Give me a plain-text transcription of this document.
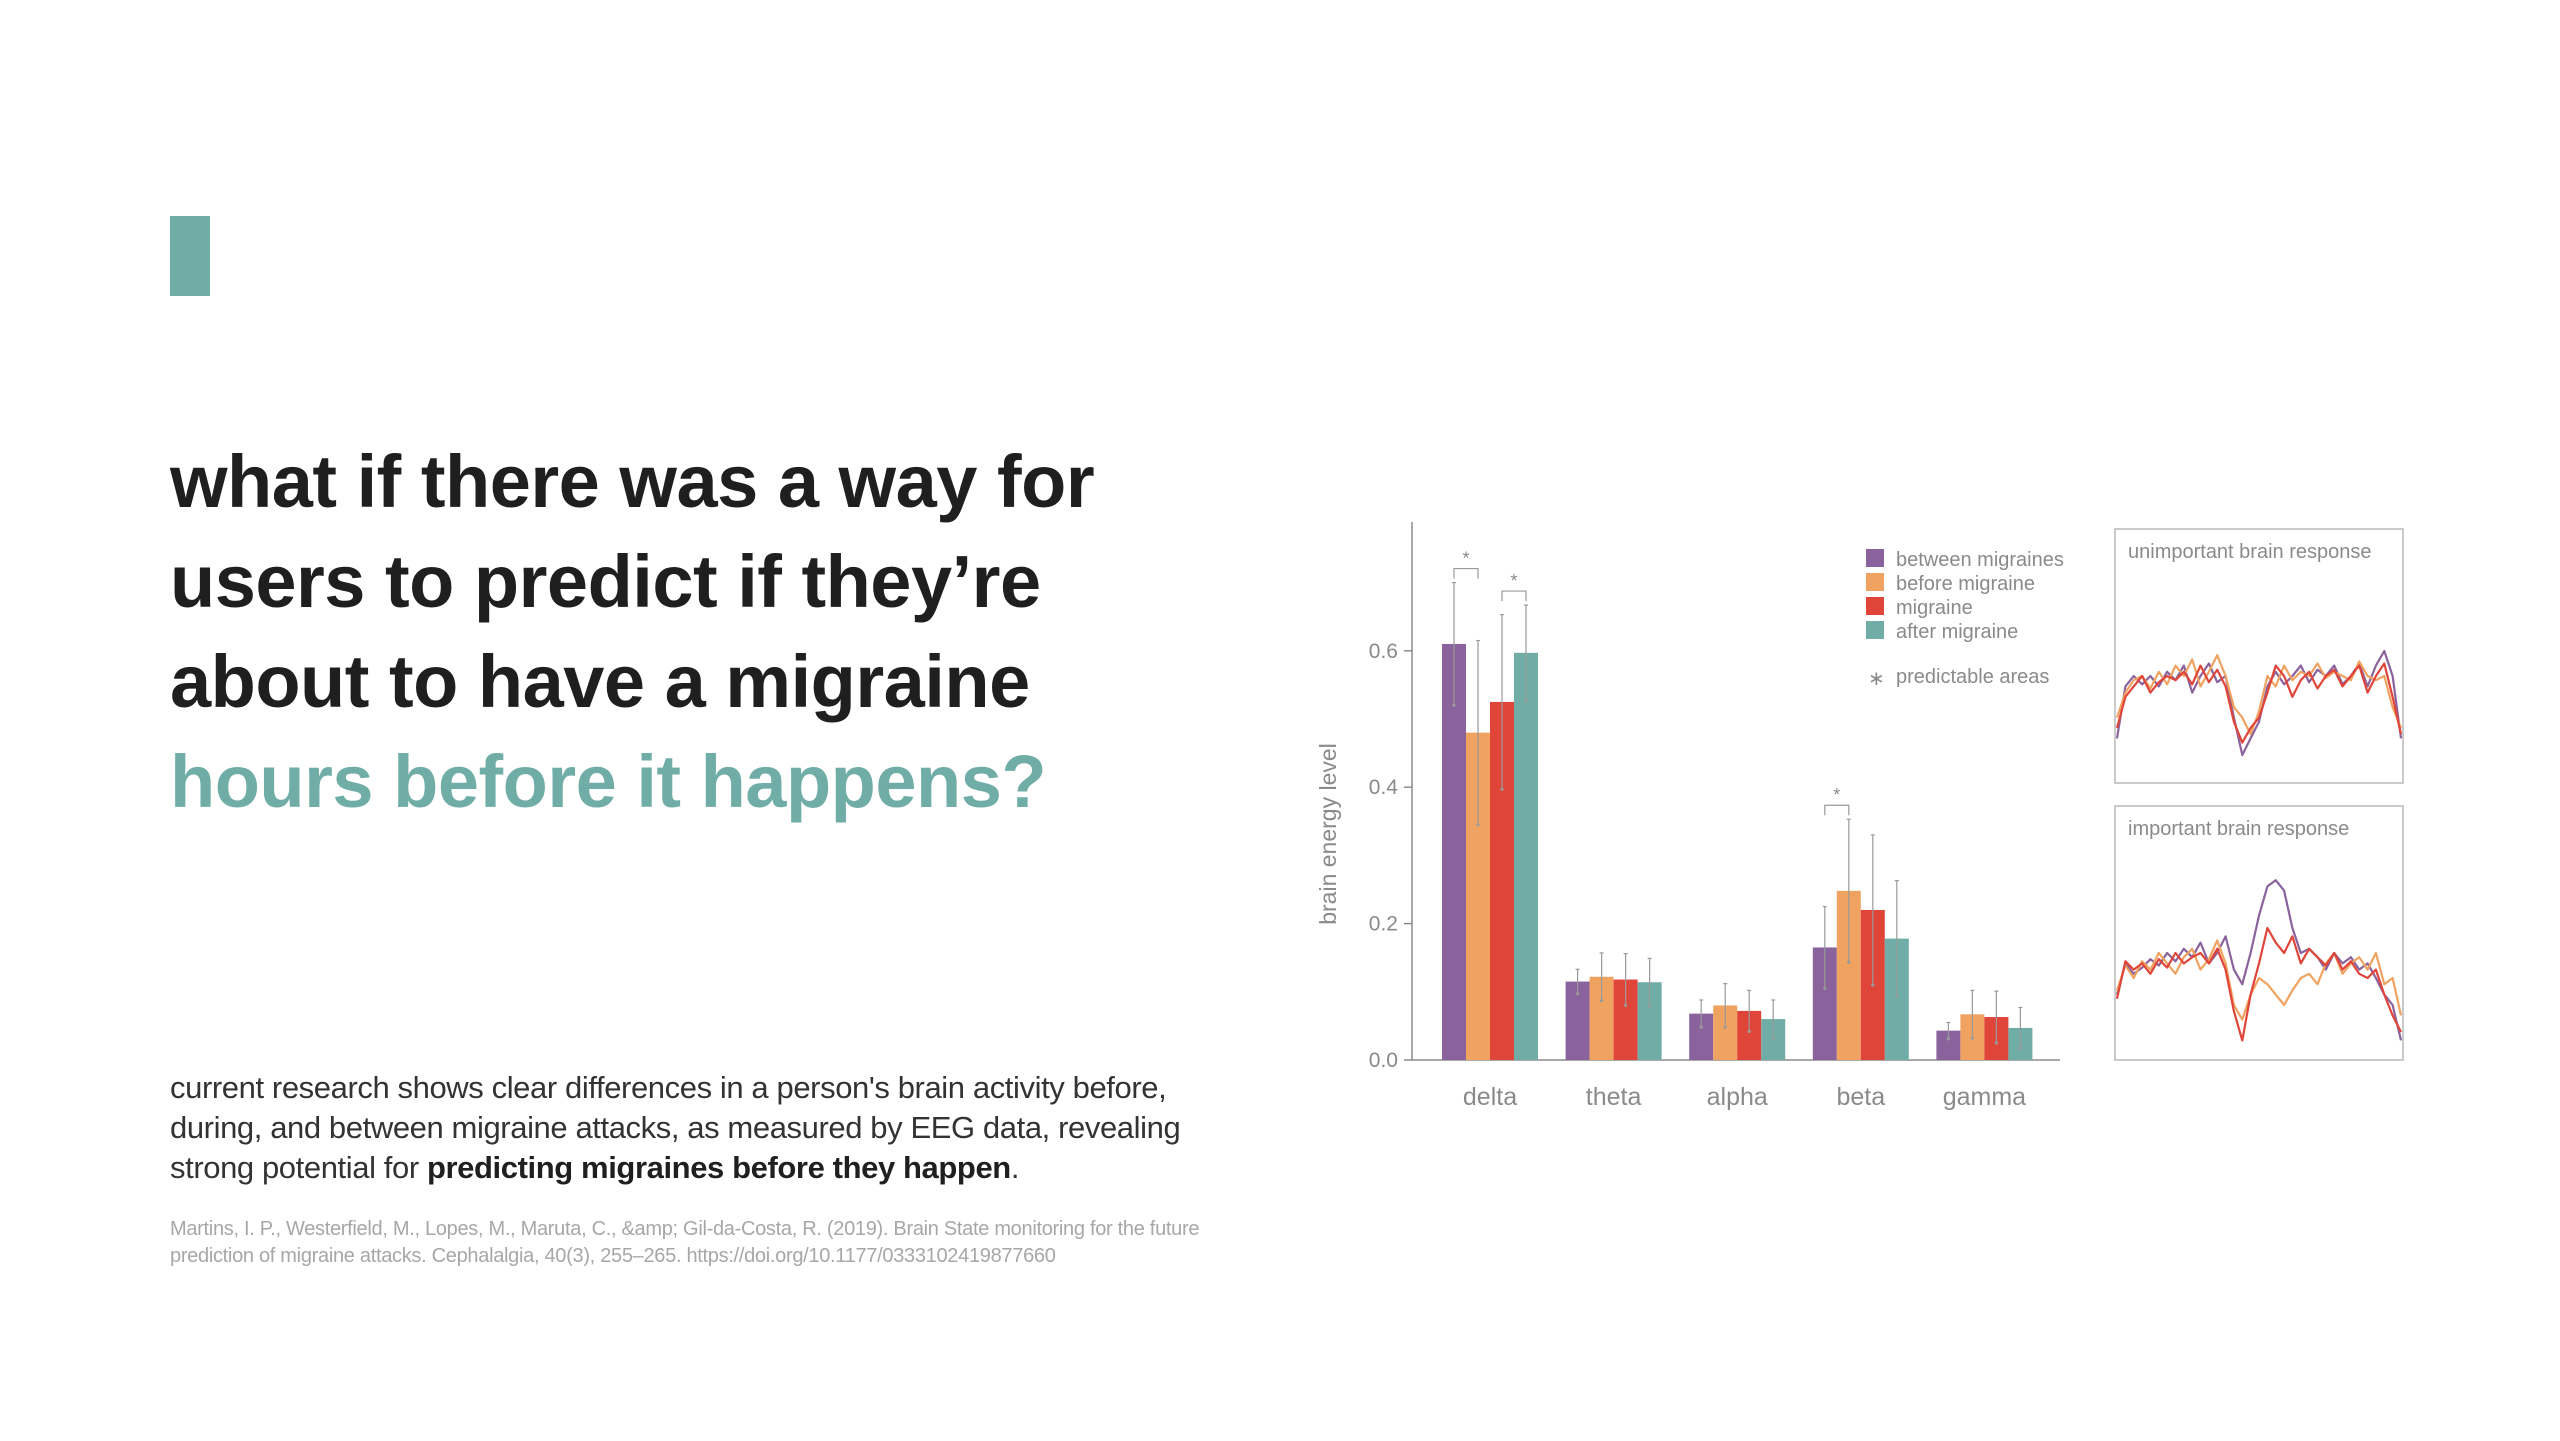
what if there was a way for
users to predict if they’re
about to have a migraine
hours before it happens?

current research shows clear differences in a person's brain activity before, during, and between migraine attacks, as measured by EEG data, revealing strong potential for predicting migraines before they happen.

Martins, I. P., Westerfield, M., Lopes, M., Maruta, C., &amp; Gil-da-Costa, R. (2019). Brain State monitoring for the future prediction of migraine attacks. Cephalalgia, 40(3), 255–265. https://doi.org/10.1177/0333102419877660

0.0
0.2
0.4
0.6
brain energy level
delta	theta	alpha	beta gamma
*
*
*
between migraines
before migraine
migraine
after migraine
∗ predictable areas
unimportant brain response
important brain response
